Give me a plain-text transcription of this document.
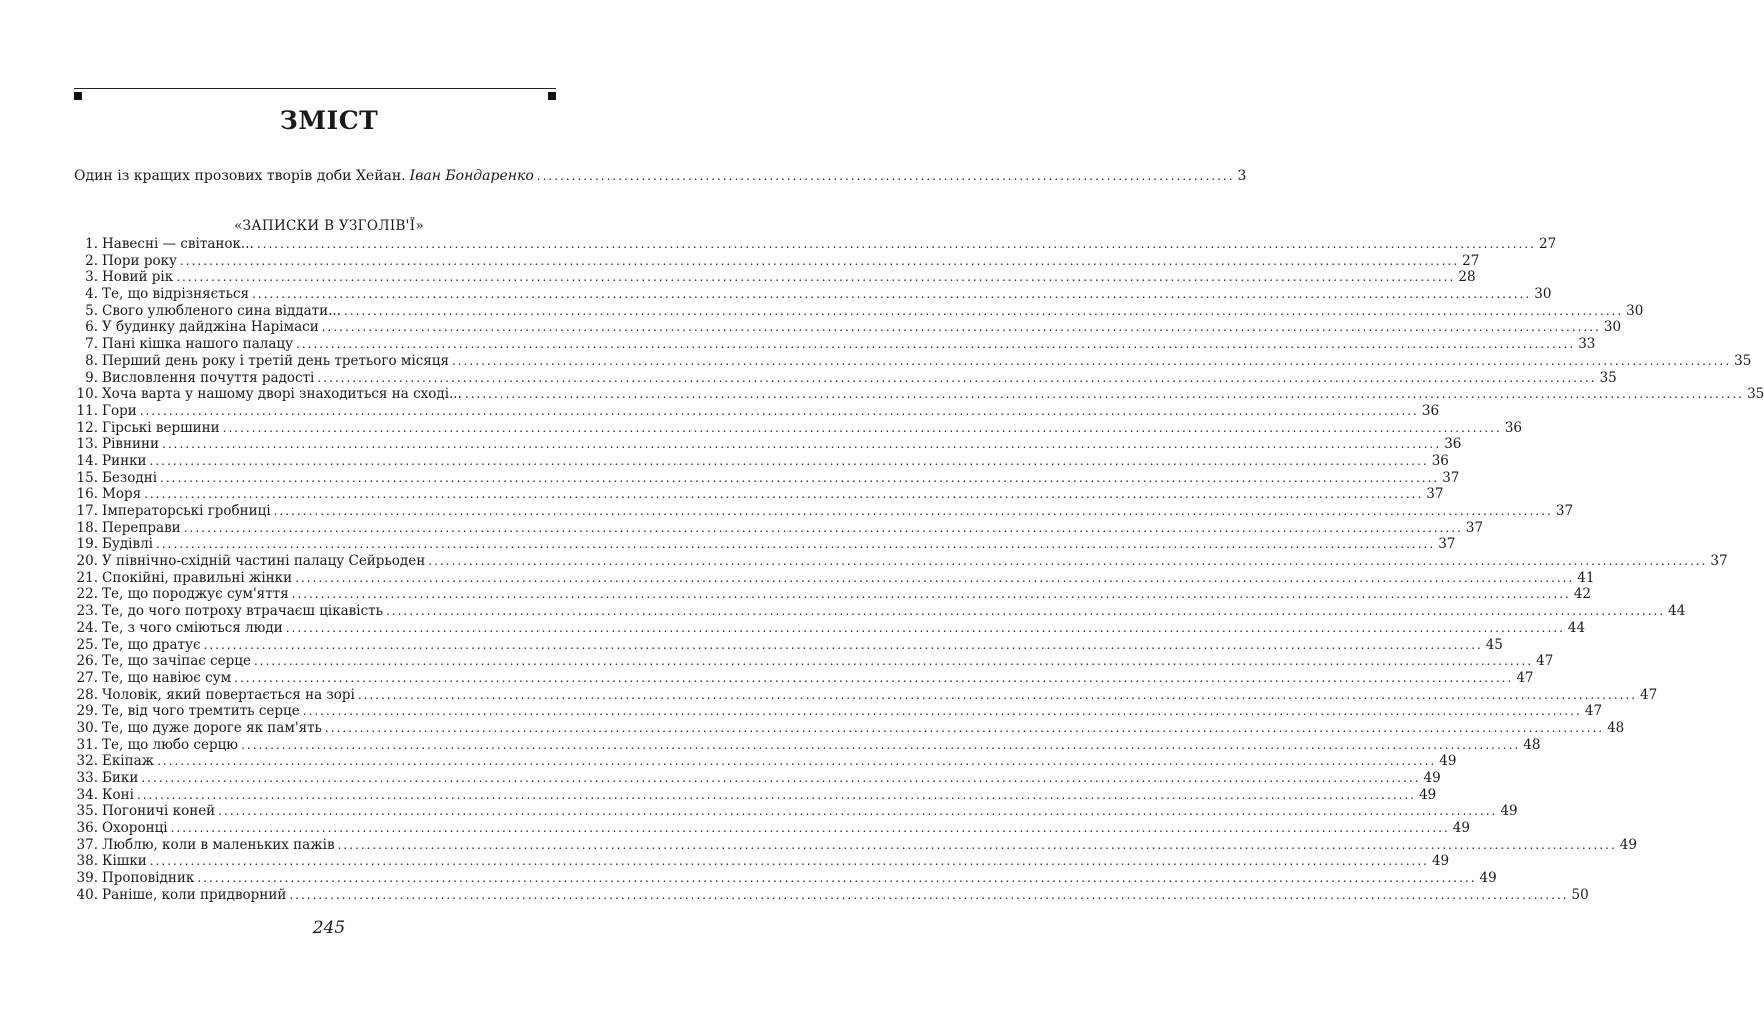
ЗМІСТ
Один із кращих прозових творів доби Хейан. Іван Бондаренко ........................................................................................................................ 3
«ЗАПИСКИ В УЗГОЛІВ'Ї»
1. Навесні — світанок... ............................................................................................................................................................................................................................ 27
2. Пори року ............................................................................................................................................................................................................................ 27
3. Новий рік ............................................................................................................................................................................................................................ 28
4. Те, що відрізняється ............................................................................................................................................................................................................................ 30
5. Свого улюбленого сина віддати... ............................................................................................................................................................................................................................ 30
6. У будинку дайджіна Нарімаси ............................................................................................................................................................................................................................ 30
7. Пані кішка нашого палацу ............................................................................................................................................................................................................................ 33
8. Перший день року і третій день третього місяця ............................................................................................................................................................................................................................ 35
9. Висловлення почуття радості ............................................................................................................................................................................................................................ 35
10. Хоча варта у нашому дворі знаходиться на сході... ............................................................................................................................................................................................................................ 35
11. Гори ............................................................................................................................................................................................................................ 36
12. Гірські вершини ............................................................................................................................................................................................................................ 36
13. Рівнини ............................................................................................................................................................................................................................ 36
14. Ринки ............................................................................................................................................................................................................................ 36
15. Безодні ............................................................................................................................................................................................................................ 37
16. Моря ............................................................................................................................................................................................................................ 37
17. Імператорські гробниці ............................................................................................................................................................................................................................ 37
18. Переправи ............................................................................................................................................................................................................................ 37
19. Будівлі ............................................................................................................................................................................................................................ 37
20. У північно-східній частині палацу Сейрьоден ............................................................................................................................................................................................................................ 37
21. Спокійні, правильні жінки ............................................................................................................................................................................................................................ 41
22. Те, що породжує сум'яття ............................................................................................................................................................................................................................ 42
23. Те, до чого потроху втрачаєш цікавість ............................................................................................................................................................................................................................ 44
24. Те, з чого сміються люди ............................................................................................................................................................................................................................ 44
25. Те, що дратує ............................................................................................................................................................................................................................ 45
26. Те, що зачіпає серце ............................................................................................................................................................................................................................ 47
27. Те, що навіює сум ............................................................................................................................................................................................................................ 47
28. Чоловік, який повертається на зорі ............................................................................................................................................................................................................................ 47
29. Те, від чого тремтить серце ............................................................................................................................................................................................................................ 47
30. Те, що дуже дороге як пам'ять ............................................................................................................................................................................................................................ 48
31. Те, що любо серцю ............................................................................................................................................................................................................................ 48
32. Екіпаж ............................................................................................................................................................................................................................ 49
33. Бики ............................................................................................................................................................................................................................ 49
34. Коні ............................................................................................................................................................................................................................ 49
35. Погоничі коней ............................................................................................................................................................................................................................ 49
36. Охоронці ............................................................................................................................................................................................................................ 49
37. Люблю, коли в маленьких пажів ............................................................................................................................................................................................................................ 49
38. Кішки ............................................................................................................................................................................................................................ 49
39. Проповідник ............................................................................................................................................................................................................................ 49
40. Раніше, коли придворний ............................................................................................................................................................................................................................ 50
245
